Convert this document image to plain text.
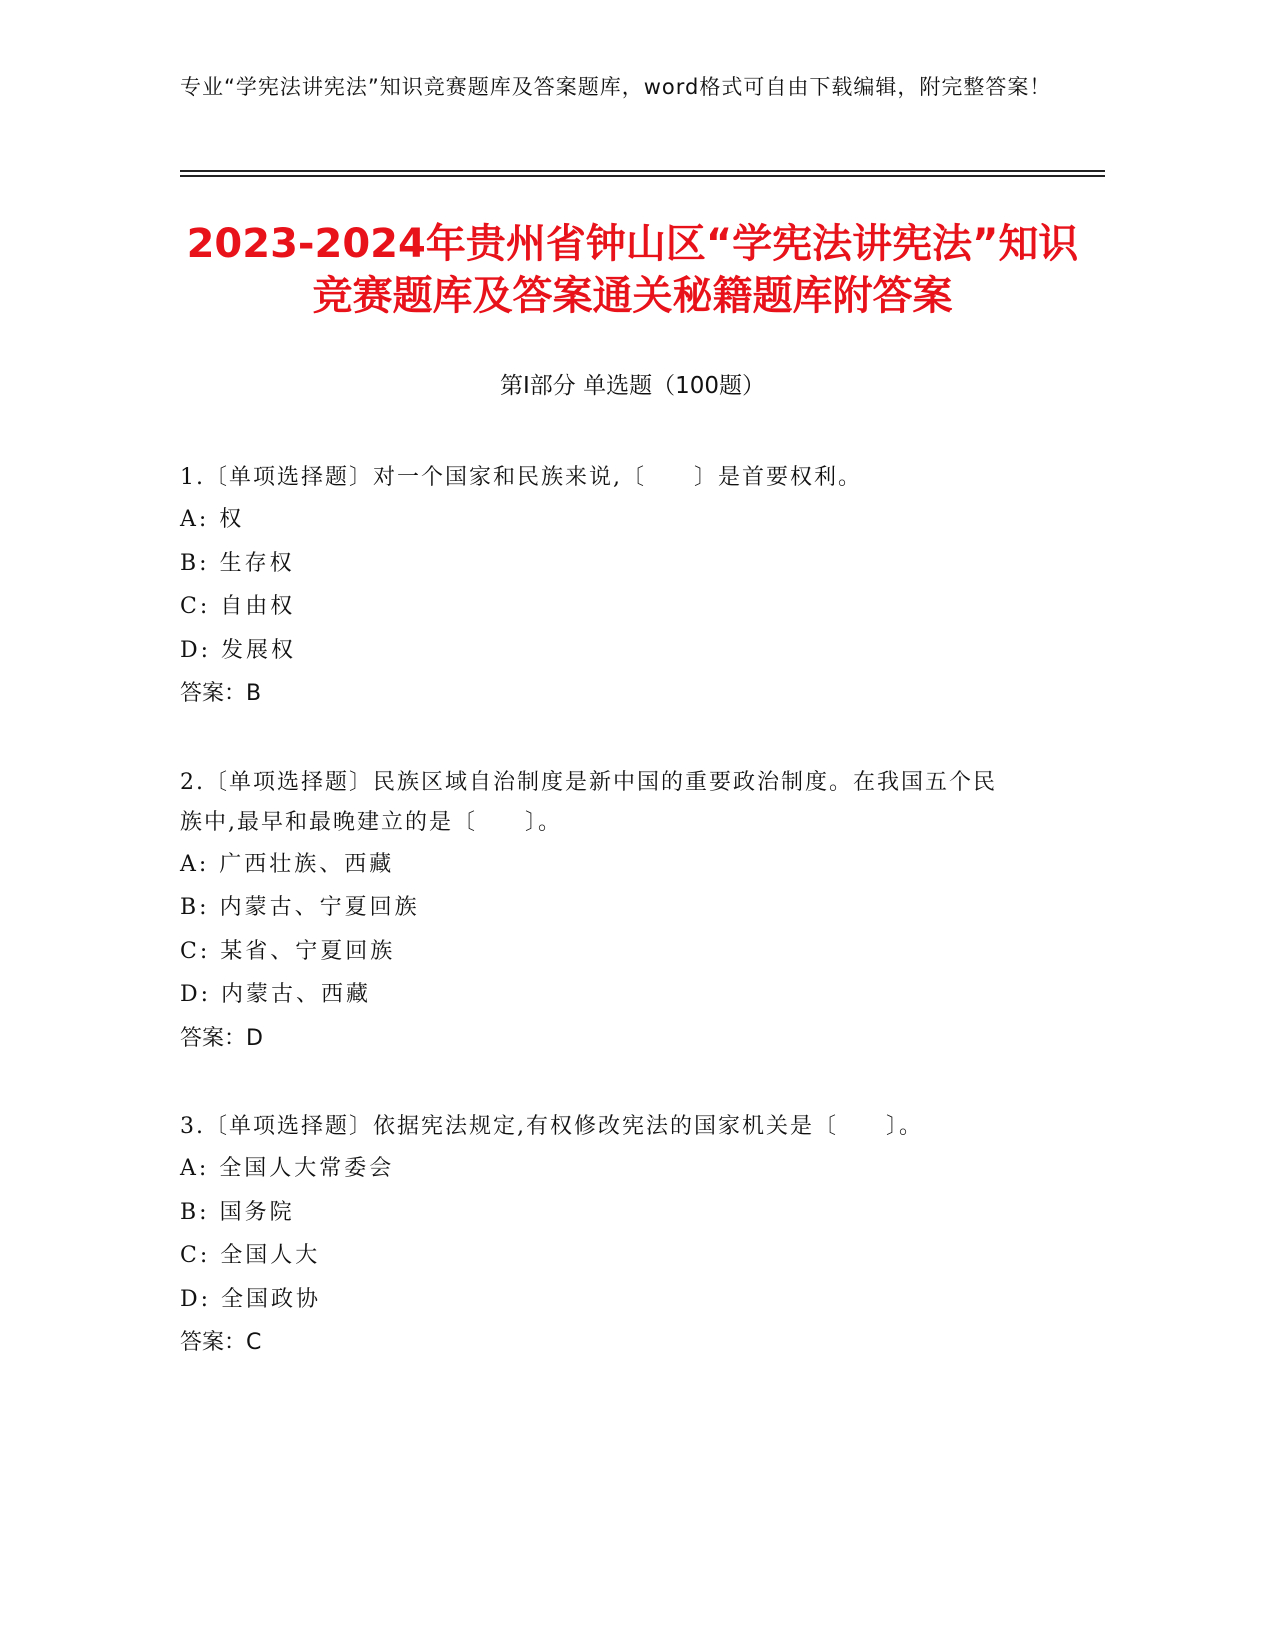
专业“学宪法讲宪法”知识竞赛题库及答案题库，word格式可自由下载编辑，附完整答案！
2023-2024年贵州省钟山区“学宪法讲宪法”知识竞赛题库及答案通关秘籍题库附答案
第Ⅰ部分 单选题（100题）

1.〔单项选择题〕对一个国家和民族来说,〔　　〕是首要权利。

A: 权
B: 生存权
C: 自由权
D: 发展权
答案：B

2.〔单项选择题〕民族区域自治制度是新中国的重要政治制度。在我国五个民族中,最早和最晚建立的是〔　　〕。

A: 广西壮族、西藏
B: 内蒙古、宁夏回族
C: 某省、宁夏回族
D: 内蒙古、西藏
答案：D

3.〔单项选择题〕依据宪法规定,有权修改宪法的国家机关是〔　　〕。

A: 全国人大常委会
B: 国务院
C: 全国人大
D: 全国政协
答案：C
